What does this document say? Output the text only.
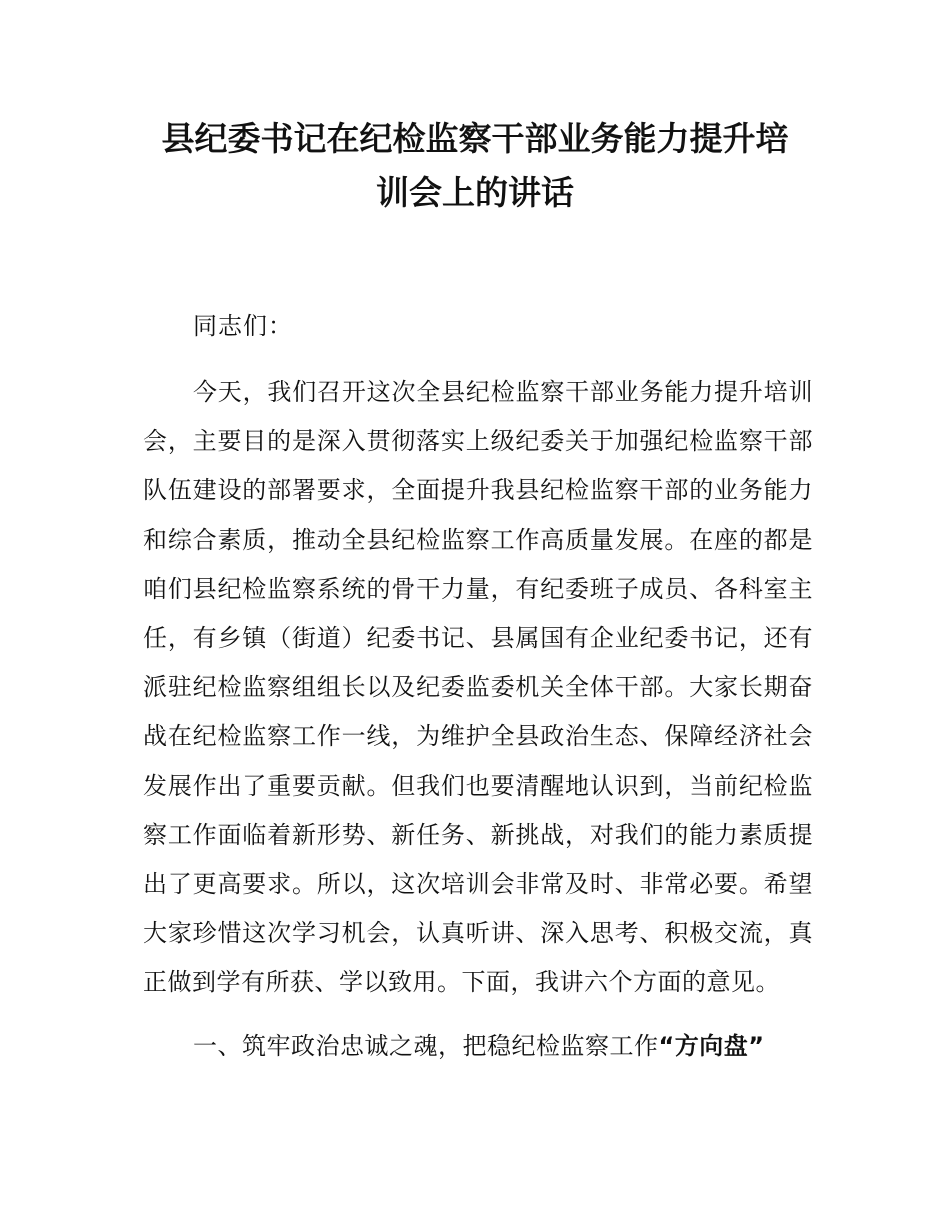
县纪委书记在纪检监察干部业务能力提升培
训会上的讲话
同志们：

今天，我们召开这次全县纪检监察干部业务能力提升培训会，主要目的是深入贯彻落实上级纪委关于加强纪检监察干部队伍建设的部署要求，全面提升我县纪检监察干部的业务能力和综合素质，推动全县纪检监察工作高质量发展。在座的都是咱们县纪检监察系统的骨干力量，有纪委班子成员、各科室主任，有乡镇（街道）纪委书记、县属国有企业纪委书记，还有派驻纪检监察组组长以及纪委监委机关全体干部。大家长期奋战在纪检监察工作一线，为维护全县政治生态、保障经济社会发展作出了重要贡献。但我们也要清醒地认识到，当前纪检监察工作面临着新形势、新任务、新挑战，对我们的能力素质提出了更高要求。所以，这次培训会非常及时、非常必要。希望大家珍惜这次学习机会，认真听讲、深入思考、积极交流，真正做到学有所获、学以致用。下面，我讲六个方面的意见。

一、筑牢政治忠诚之魂，把稳纪检监察工作“方向盘”
